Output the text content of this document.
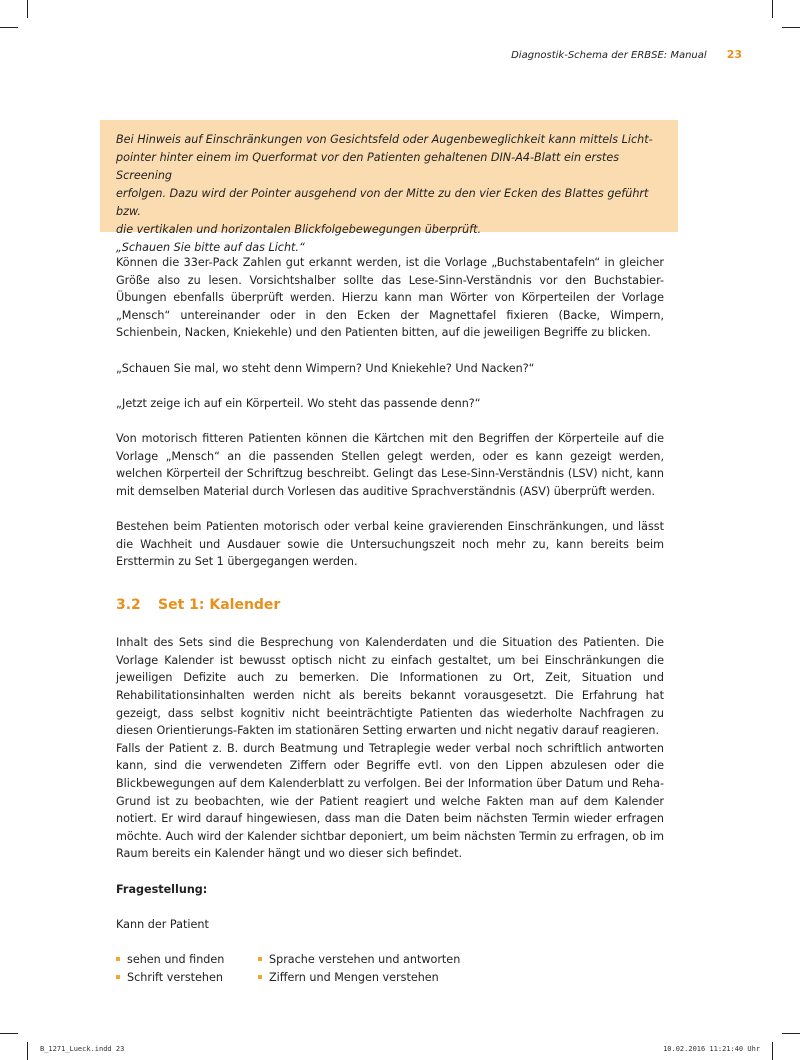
Diagnostik-Schema der ERBSE: Manual 23

Bei Hinweis auf Einschränkungen von Gesichtsfeld oder Augenbeweglichkeit kann mittels Licht-

pointer hinter einem im Querformat vor den Patienten gehaltenen DIN-A4-Blatt ein erstes Screening

erfolgen. Dazu wird der Pointer ausgehend von der Mitte zu den vier Ecken des Blattes geführt bzw.

die vertikalen und horizontalen Blickfolgebewegungen überprüft.

„Schauen Sie bitte auf das Licht.“

Können die 33er-Pack Zahlen gut erkannt werden, ist die Vorlage „Buchstabentafeln“ in gleicher Größe also zu lesen. Vorsichtshalber sollte das Lese-Sinn-Verständnis vor den Buchstabier-Übungen ebenfalls überprüft werden. Hierzu kann man Wörter von Körperteilen der Vorlage „Mensch“ untereinander oder in den Ecken der Magnettafel fixieren (Backe, Wimpern, Schienbein, Nacken, Kniekehle) und den Patienten bitten, auf die jeweiligen Begriffe zu blicken.

„Schauen Sie mal, wo steht denn Wimpern? Und Kniekehle? Und Nacken?“

„Jetzt zeige ich auf ein Körperteil. Wo steht das passende denn?“

Von motorisch fitteren Patienten können die Kärtchen mit den Begriffen der Körperteile auf die Vorlage „Mensch“ an die passenden Stellen gelegt werden, oder es kann gezeigt werden, welchen Körperteil der Schriftzug beschreibt. Gelingt das Lese-Sinn-Verständnis (LSV) nicht, kann mit demselben Material durch Vorlesen das auditive Sprachverständnis (ASV) überprüft werden.

Bestehen beim Patienten motorisch oder verbal keine gravierenden Einschränkungen, und lässt die Wachheit und Ausdauer sowie die Untersuchungszeit noch mehr zu, kann bereits beim Ersttermin zu Set 1 übergegangen werden.

3.2 Set 1: Kalender

Inhalt des Sets sind die Besprechung von Kalenderdaten und die Situation des Patienten. Die Vorlage Kalender ist bewusst optisch nicht zu einfach gestaltet, um bei Einschränkungen die jeweiligen Defizite auch zu bemerken. Die Informationen zu Ort, Zeit, Situation und Rehabilitationsinhalten werden nicht als bereits bekannt vorausgesetzt. Die Erfahrung hat gezeigt, dass selbst kognitiv nicht beeinträchtigte Patienten das wiederholte Nachfragen zu diesen Orientierungs-Fakten im stationären Setting erwarten und nicht negativ darauf reagieren.

Falls der Patient z. B. durch Beatmung und Tetraplegie weder verbal noch schriftlich antworten kann, sind die verwendeten Ziffern oder Begriffe evtl. von den Lippen abzulesen oder die Blickbewegungen auf dem Kalenderblatt zu verfolgen. Bei der Information über Datum und Reha-Grund ist zu beobachten, wie der Patient reagiert und welche Fakten man auf dem Kalender notiert. Er wird darauf hingewiesen, dass man die Daten beim nächsten Termin wieder erfragen möchte. Auch wird der Kalender sichtbar deponiert, um beim nächsten Termin zu erfragen, ob im Raum bereits ein Kalender hängt und wo dieser sich befindet.

Fragestellung:

Kann der Patient

sehen und finden
Schrift verstehen
Sprache verstehen und antworten
Ziffern und Mengen verstehen
B_1271_Lueck.indd 23	10.02.2016 11:21:40 Uhr
